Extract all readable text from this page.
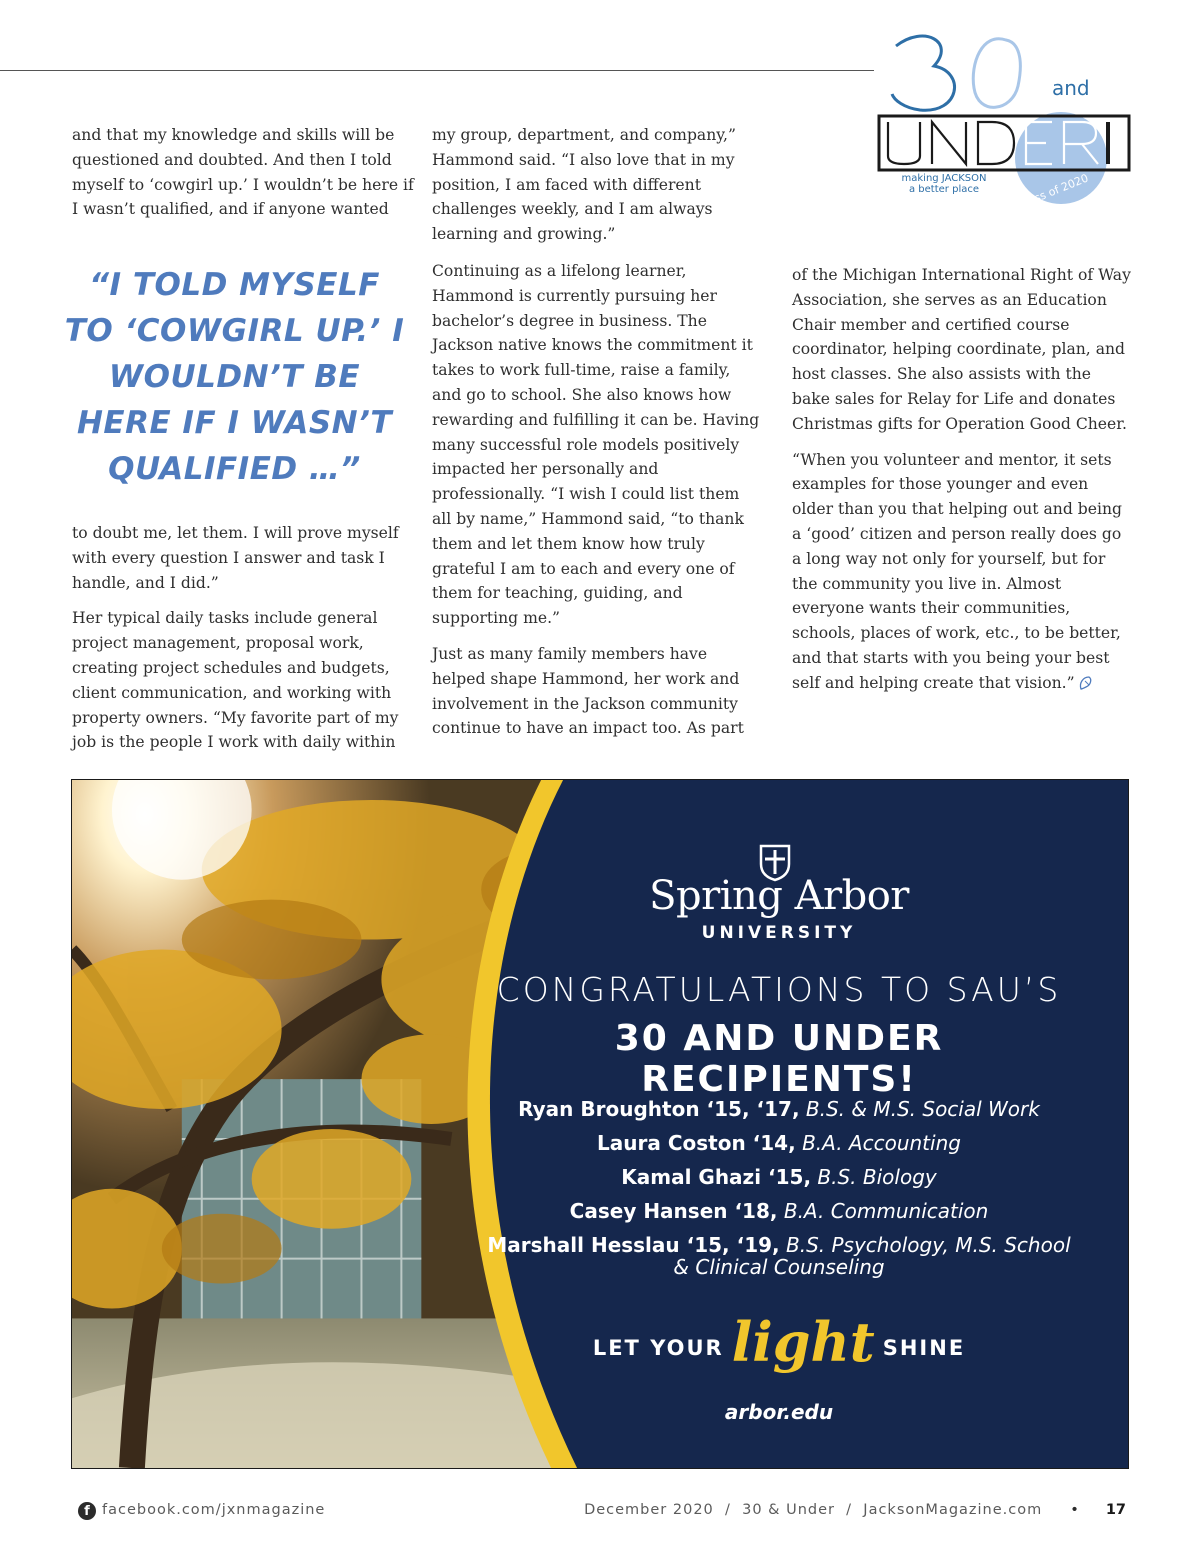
and
making JACKSON
a better place	Class of 2020

and that my knowledge and skills will be questioned and doubted. And then I told myself to ‘cowgirl up.’ I wouldn’t be here if I wasn’t qualified, and if anyone wanted

“I TOLD MYSELF TO ‘COWGIRL UP.’ I WOULDN’T BE HERE IF I WASN’T QUALIFIED …”

to doubt me, let them. I will prove myself with every question I answer and task I handle, and I did.”

Her typical daily tasks include general project management, proposal work, creating project schedules and budgets, client communication, and working with property owners. “My favorite part of my job is the people I work with daily within

my group, department, and company,” Hammond said. “I also love that in my position, I am faced with different challenges weekly, and I am always learning and growing.”

Continuing as a lifelong learner, Hammond is currently pursuing her bachelor’s degree in business. The Jackson native knows the commitment it takes to work full-time, raise a family, and go to school. She also knows how rewarding and fulfilling it can be. Having many successful role models positively impacted her personally and professionally. “I wish I could list them all by name,” Hammond said, “to thank them and let them know how truly grateful I am to each and every one of them for teaching, guiding, and supporting me.”

Just as many family members have helped shape Hammond, her work and involvement in the Jackson community continue to have an impact too. As part

of the Michigan International Right of Way Association, she serves as an Education Chair member and certified course coordinator, helping coordinate, plan, and host classes. She also assists with the bake sales for Relay for Life and donates Christmas gifts for Operation Good Cheer.

“When you volunteer and mentor, it sets examples for those younger and even older than you that helping out and being a ‘good’ citizen and person really does go a long way not only for yourself, but for the community you live in. Almost everyone wants their communities, schools, places of work, etc., to be better, and that starts with you being your best self and helping create that vision.”

Spring Arbor
UNIVERSITY
CONGRATULATIONS TO SAU’S
30 AND UNDER RECIPIENTS!
Ryan Broughton ‘15, ‘17, B.S. & M.S. Social Work
Laura Coston ‘14, B.A. Accounting
Kamal Ghazi ‘15, B.S. Biology
Casey Hansen ‘18, B.A. Communication
Marshall Hesslau ‘15, ‘19, B.S. Psychology, M.S. School
& Clinical Counseling
LET YOUR light SHINE
arbor.edu
f facebook.com/jxnmagazine	December 2020  /  30 & Under  /  JacksonMagazine.com • 17
